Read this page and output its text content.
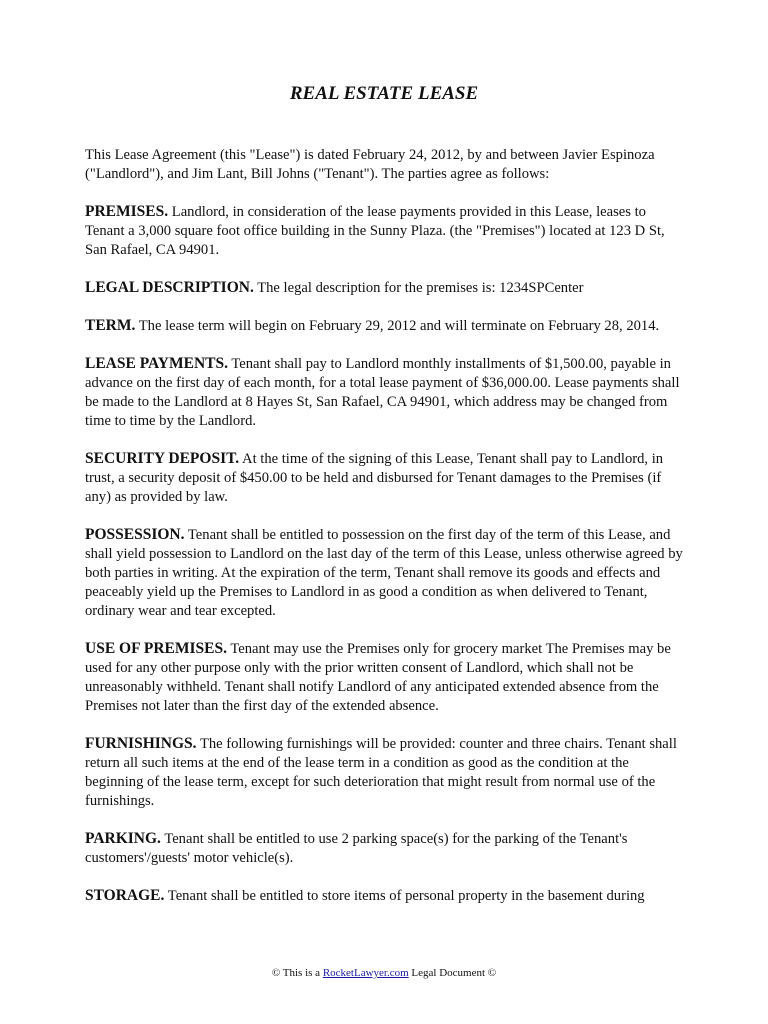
REAL ESTATE LEASE

This Lease Agreement (this "Lease") is dated February 24, 2012, by and between Javier Espinoza ("Landlord"), and Jim Lant, Bill Johns ("Tenant"). The parties agree as follows:

PREMISES. Landlord, in consideration of the lease payments provided in this Lease, leases to Tenant a 3,000 square foot office building in the Sunny Plaza. (the "Premises") located at 123 D St, San Rafael, CA 94901.

LEGAL DESCRIPTION. The legal description for the premises is: 1234SPCenter

TERM. The lease term will begin on February 29, 2012 and will terminate on February 28, 2014.

LEASE PAYMENTS. Tenant shall pay to Landlord monthly installments of $1,500.00, payable in advance on the first day of each month, for a total lease payment of $36,000.00. Lease payments shall be made to the Landlord at 8 Hayes St, San Rafael, CA 94901, which address may be changed from time to time by the Landlord.

SECURITY DEPOSIT. At the time of the signing of this Lease, Tenant shall pay to Landlord, in trust, a security deposit of $450.00 to be held and disbursed for Tenant damages to the Premises (if any) as provided by law.

POSSESSION. Tenant shall be entitled to possession on the first day of the term of this Lease, and shall yield possession to Landlord on the last day of the term of this Lease, unless otherwise agreed by both parties in writing. At the expiration of the term, Tenant shall remove its goods and effects and peaceably yield up the Premises to Landlord in as good a condition as when delivered to Tenant, ordinary wear and tear excepted.

USE OF PREMISES. Tenant may use the Premises only for grocery market The Premises may be used for any other purpose only with the prior written consent of Landlord, which shall not be unreasonably withheld. Tenant shall notify Landlord of any anticipated extended absence from the Premises not later than the first day of the extended absence.

FURNISHINGS. The following furnishings will be provided: counter and three chairs. Tenant shall return all such items at the end of the lease term in a condition as good as the condition at the beginning of the lease term, except for such deterioration that might result from normal use of the furnishings.

PARKING. Tenant shall be entitled to use 2 parking space(s) for the parking of the Tenant's customers'/guests' motor vehicle(s).

STORAGE. Tenant shall be entitled to store items of personal property in the basement during

© This is a RocketLawyer.com Legal Document ©
